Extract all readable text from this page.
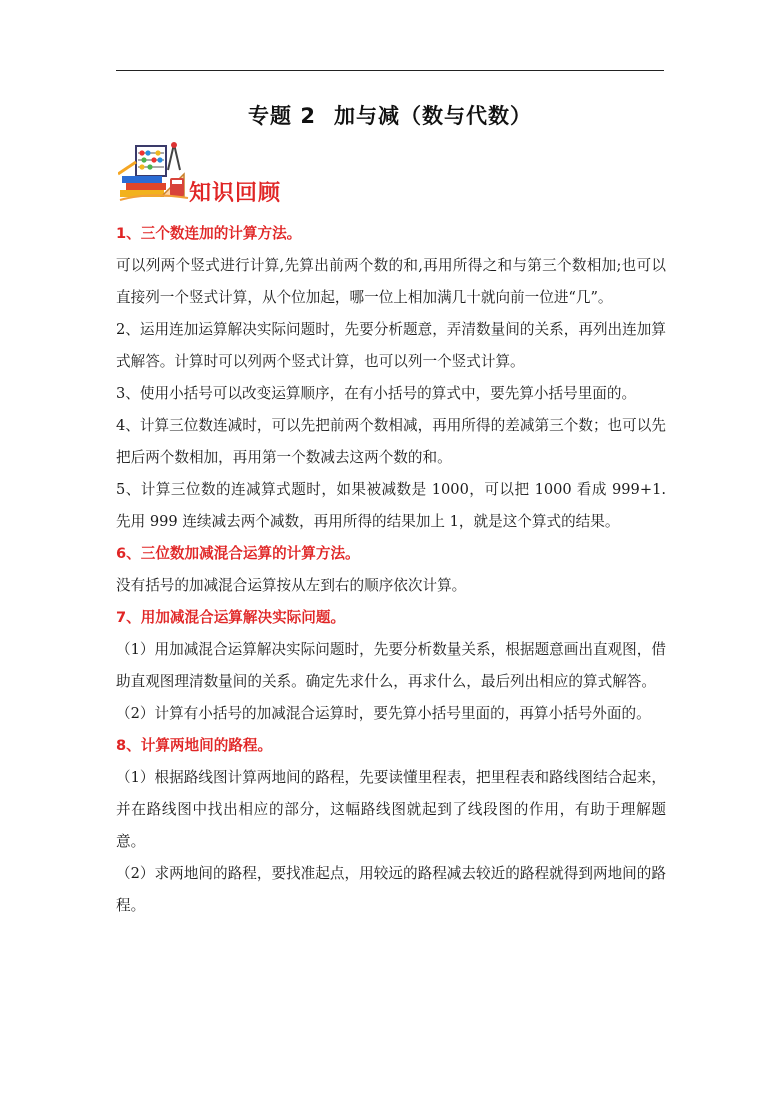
专题 2 加与减（数与代数）
知识回顾

1、三个数连加的计算方法。

可以列两个竖式进行计算,先算出前两个数的和,再用所得之和与第三个数相加;也可以直接列一个竖式计算，从个位加起，哪一位上相加满几十就向前一位进“几”。

2、运用连加运算解决实际问题时，先要分析题意，弄清数量间的关系，再列出连加算式解答。计算时可以列两个竖式计算，也可以列一个竖式计算。

3、使用小括号可以改变运算顺序，在有小括号的算式中，要先算小括号里面的。

4、计算三位数连减时，可以先把前两个数相减，再用所得的差减第三个数；也可以先把后两个数相加，再用第一个数减去这两个数的和。

5、计算三位数的连减算式题时，如果被减数是 1000，可以把 1000 看成 999+1.先用 999 连续减去两个减数，再用所得的结果加上 1，就是这个算式的结果。

6、三位数加减混合运算的计算方法。

没有括号的加减混合运算按从左到右的顺序依次计算。

7、用加减混合运算解决实际问题。

（1）用加减混合运算解决实际问题时，先要分析数量关系，根据题意画出直观图，借助直观图理清数量间的关系。确定先求什么，再求什么，最后列出相应的算式解答。

（2）计算有小括号的加减混合运算时，要先算小括号里面的，再算小括号外面的。

8、计算两地间的路程。

（1）根据路线图计算两地间的路程，先要读懂里程表，把里程表和路线图结合起来，并在路线图中找出相应的部分，这幅路线图就起到了线段图的作用，有助于理解题意。

（2）求两地间的路程，要找准起点，用较远的路程减去较近的路程就得到两地间的路程。
